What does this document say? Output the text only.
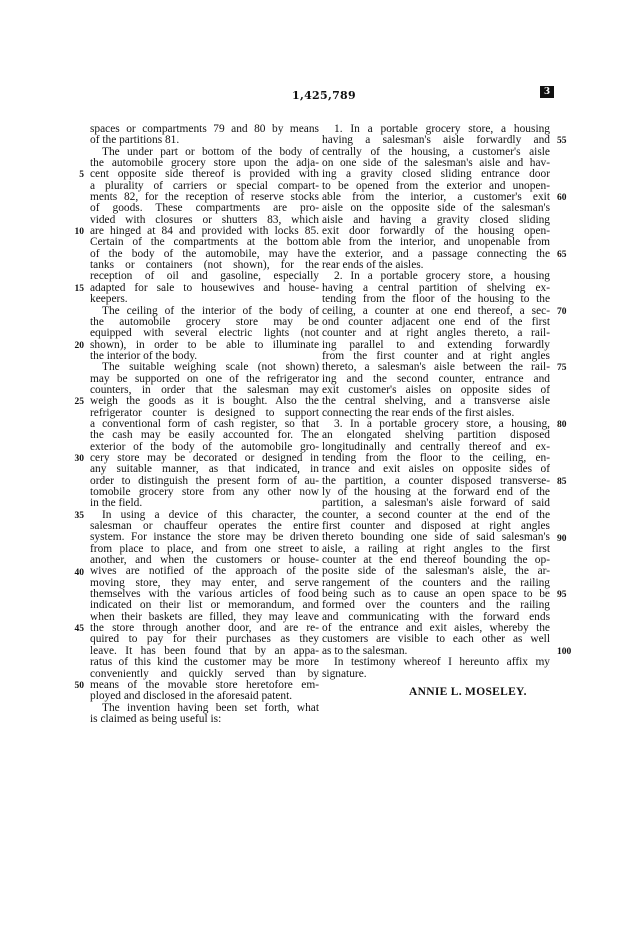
1,425,789	3
spaces or compartments 79 and 80 by means
of the partitions 81.
The under part or bottom of the body of
the automobile grocery store upon the adja-
cent opposite side thereof is provided with
a plurality of carriers or special compart-
ments 82, for the reception of reserve stocks
of goods. These compartments are pro-
vided with closures or shutters 83, which
are hinged at 84 and provided with locks 85.
Certain of the compartments at the bottom
of the body of the automobile, may have
tanks or containers (not shown), for the
reception of oil and gasoline, especially
adapted for sale to housewives and house-
keepers.
The ceiling of the interior of the body of
the automobile grocery store may be
equipped with several electric lights (not
shown), in order to be able to illuminate
the interior of the body.
The suitable weighing scale (not shown)
may be supported on one of the refrigerator
counters, in order that the salesman may
weigh the goods as it is bought. Also the
refrigerator counter is designed to support
a conventional form of cash register, so that
the cash may be easily accounted for. The
exterior of the body of the automobile gro-
cery store may be decorated or designed in
any suitable manner, as that indicated, in
order to distinguish the present form of au-
tomobile grocery store from any other now
in the field.
In using a device of this character, the
salesman or chauffeur operates the entire
system. For instance the store may be driven
from place to place, and from one street to
another, and when the customers or house-
wives are notified of the approach of the
moving store, they may enter, and serve
themselves with the various articles of food
indicated on their list or memorandum, and
when their baskets are filled, they may leave
the store through another door, and are re-
quired to pay for their purchases as they
leave. It has been found that by an appa-
ratus of this kind the customer may be more
conveniently and quickly served than by
means of the movable store heretofore em-
ployed and disclosed in the aforesaid patent.
The invention having been set forth, what
is claimed as being useful is:
1. In a portable grocery store, a housing
having a salesman's aisle forwardly and
centrally of the housing, a customer's aisle
on one side of the salesman's aisle and hav-
ing a gravity closed sliding entrance door
to be opened from the exterior and unopen-
able from the interior, a customer's exit
aisle on the opposite side of the salesman's
aisle and having a gravity closed sliding
exit door forwardly of the housing open-
able from the interior, and unopenable from
the exterior, and a passage connecting the
rear ends of the aisles.
2. In a portable grocery store, a housing
having a central partition of shelving ex-
tending from the floor of the housing to the
ceiling, a counter at one end thereof, a sec-
ond counter adjacent one end of the first
counter and at right angles thereto, a rail-
ing parallel to and extending forwardly
from the first counter and at right angles
thereto, a salesman's aisle between the rail-
ing and the second counter, entrance and
exit customer's aisles on opposite sides of
the central shelving, and a transverse aisle
connecting the rear ends of the first aisles.
3. In a portable grocery store, a housing,
an elongated shelving partition disposed
longitudinally and centrally thereof and ex-
tending from the floor to the ceiling, en-
trance and exit aisles on opposite sides of
the partition, a counter disposed transverse-
ly of the housing at the forward end of the
partition, a salesman's aisle forward of said
counter, a second counter at the end of the
first counter and disposed at right angles
thereto bounding one side of said salesman's
aisle, a railing at right angles to the first
counter at the end thereof bounding the op-
posite side of the salesman's aisle, the ar-
rangement of the counters and the railing
being such as to cause an open space to be
formed over the counters and the railing
and communicating with the forward ends
of the entrance and exit aisles, whereby the
customers are visible to each other as well
as to the salesman.
In testimony whereof I hereunto affix my
signature.
5
10
15
20
25
30
35
40
45
50
55
60
65
70
75
80
85
90
95
100
ANNIE L. MOSELEY.
